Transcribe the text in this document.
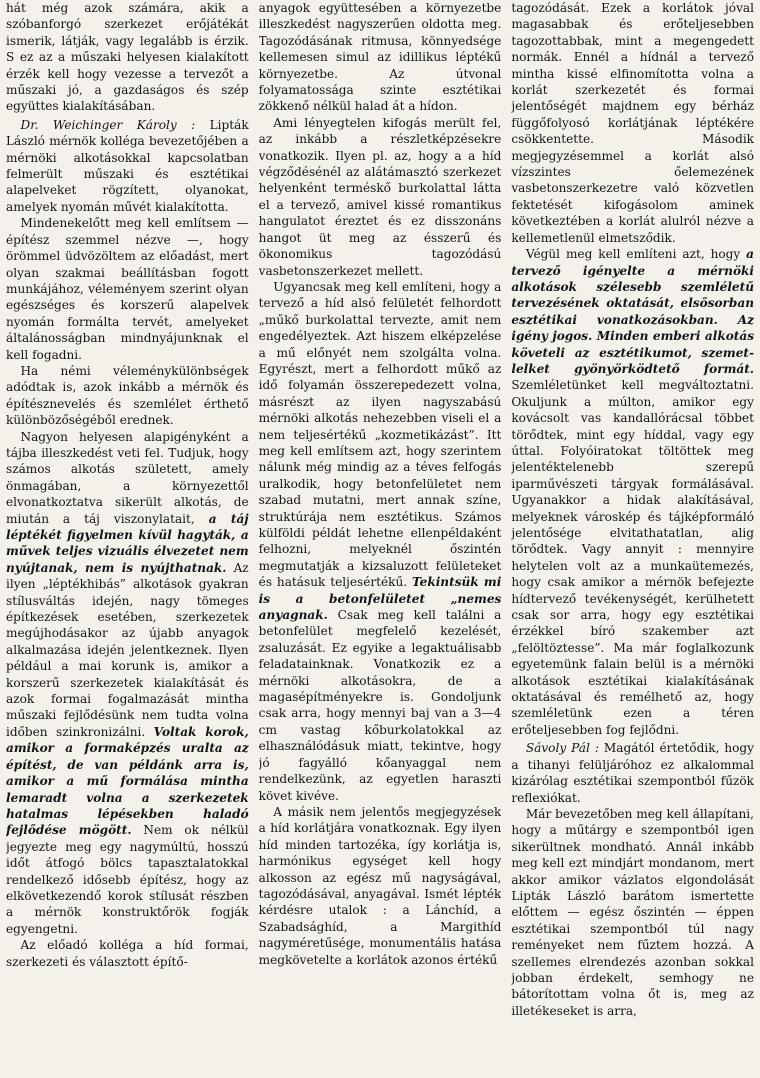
hát még azok számára, akik a szóbanforgó szerkezet erőjátékát ismerik, látják, vagy legalább is érzik. S ez az a műszaki helyesen kialakított érzék kell hogy vezesse a tervezőt a műszaki jó, a gazdaságos és szép együttes kialakításában.

Dr. Weichinger Károly : Lipták László mérnök kolléga bevezetőjében a mérnöki alkotásokkal kapcsolatban felmerült műszaki és esztétikai alapelveket rögzített, olyanokat, amelyek nyomán művét kialakította.

Mindenekelőtt meg kell említsem — építész szemmel nézve —, hogy örömmel üdvözöltem az előadást, mert olyan szakmai beállításban fogott munkájához, véleményem szerint olyan egészséges és korszerű alapelvek nyomán formálta tervét, amelyeket általánosságban mindnyájunknak el kell fogadni.

Ha némi véleménykülönbségek adódtak is, azok inkább a mérnök és építésznevelés és szemlélet érthető különbözőségéből erednek.

Nagyon helyesen alapigényként a tájba illeszkedést veti fel. Tudjuk, hogy számos alkotás született, amely önmagában, a környezettől elvonatkoztatva sikerült alkotás, de miután a táj viszonylatait, a táj léptékét figyelmen kívül hagyták, a művek teljes vizuális élvezetet nem nyújtanak, nem is nyújthatnak. Az ilyen „léptékhibás” alkotások gyakran stílusváltás idején, nagy tömeges építkezések esetében, szerkezetek megújhodásakor az újabb anyagok alkalmazása idején jelentkeznek. Ilyen például a mai korunk is, amikor a korszerű szerkezetek kialakítását és azok formai fogalmazását mintha műszaki fejlődésünk nem tudta volna időben szinkronizálni. Voltak korok, amikor a formaképzés uralta az építést, de van példánk arra is, amikor a mű formálása mintha lemaradt volna a szerkezetek hatalmas lépésekben haladó fejlődése mögött. Nem ok nélkül jegyezte meg egy nagymúltú, hosszú időt átfogó bölcs tapasztalatokkal rendelkező idősebb építész, hogy az elkövetkezendő korok stílusát részben a mérnök konstruktőrök fogják egyengetni.

Az előadó kolléga a híd formai, szerkezeti és választott építő-

anyagok együttesében a környezetbe illeszkedést nagyszerűen oldotta meg. Tagozódásának ritmusa, könnyedsége kellemesen simul az idillikus léptékű környezetbe. Az útvonal folyamatossága szinte esztétikai zökkenő nélkül halad át a hídon.

Ami lényegtelen kifogás merült fel, az inkább a részletképzésekre vonatkozik. Ilyen pl. az, hogy a a híd végződésénél az alátámasztó szerkezet helyenként terméskő burkolattal látta el a tervező, amivel kissé romantikus hangulatot éreztet és ez disszonáns hangot üt meg az ésszerű és ökonomikus tagozódású vasbetonszerkezet mellett.

Ugyancsak meg kell említeni, hogy a tervező a híd alsó felületét felhordott „műkő burkolattal tervezte, amit nem engedélyeztek. Azt hiszem elképzelése a mű előnyét nem szolgálta volna. Egyrészt, mert a felhordott műkő az idő folyamán összerepedezett volna, másrészt az ilyen nagyszabású mérnöki alkotás nehezebben viseli el a nem teljesértékű „kozmetikázást”. Itt meg kell említsem azt, hogy szerintem nálunk még mindig az a téves felfogás uralkodik, hogy betonfelületet nem szabad mutatni, mert annak színe, struktúrája nem esztétikus. Számos külföldi példát lehetne ellenpéldaként felhozni, melyeknél őszintén megmutatják a kizsaluzott felületeket és hatásuk teljesértékű. Tekintsük mi is a betonfelületet „nemes anyagnak. Csak meg kell találni a betonfelület megfelelő kezelését, zsaluzását. Ez egyike a legaktuálisabb feladatainknak. Vonatkozik ez a mérnöki alkotásokra, de a magasépítményekre is. Gondoljunk csak arra, hogy mennyi baj van a 3—4 cm vastag kőburkolatokkal az elhasználódásuk miatt, tekintve, hogy jó fagyálló kőanyaggal nem rendelkezünk, az egyetlen haraszti követ kivéve.

A másik nem jelentős megjegyzések a híd korlátjára vonatkoznak. Egy ilyen híd minden tartozéka, így korlátja is, harmónikus egységet kell hogy alkosson az egész mű nagyságával, tagozódásával, anyagával. Ismét lépték kérdésre utalok : a Lánchíd, a Szabadsághíd, a Margithíd nagyméretűsége, monumentális hatása megkövetelte a korlátok azonos értékű

tagozódását. Ezek a korlátok jóval magasabbak és erőteljesebben tagozottabbak, mint a megengedett normák. Ennél a hídnál a tervező mintha kissé elfinomította volna a korlát szerkezetét és formai jelentőségét majdnem egy bérház függőfolyosó korlátjának léptékére csökkentette. Második megjegyzésemmel a korlát alsó vízszintes őelemezének vasbetonszerkezetre való közvetlen fektetését kifogásolom aminek következtében a korlát alulról nézve a kellemetlenül elmetsződik.

Végül meg kell említeni azt, hogy a tervező igényelte a mérnöki alkotások szélesebb szemléletű tervezésének oktatását, elsősorban esztétikai vonatkozásokban. Az igény jogos. Minden emberi alkotás követeli az esztétikumot, szemet-lelket gyönyörködtető formát. Szemléletünket kell megváltoztatni. Okuljunk a múlton, amikor egy kovácsolt vas kandallórácsal többet törődtek, mint egy híddal, vagy egy úttal. Folyóiratokat töltöttek meg jelentéktelenebb szerepű iparművészeti tárgyak formálásával. Ugyanakkor a hidak alakításával, melyeknek városkép és tájképformáló jelentősége elvitathatatlan, alig törődtek. Vagy annyit : mennyire helytelen volt az a munkaütemezés, hogy csak amikor a mérnök befejezte hídtervező tevékenységét, kerülhetett csak sor arra, hogy egy esztétikai érzékkel bíró szakember azt „felöltöztesse”. Ma már foglalkozunk egyetemünk falain belül is a mérnöki alkotások esztétikai kialakításának oktatásával és remélhető az, hogy szemléletünk ezen a téren erőteljesebben fog fejlődni.

Sávoly Pál : Magától értetődik, hogy a tihanyi felüljáróhoz ez alkalommal kizárólag esztétikai szempontból fűzök reflexiókat.

Már bevezetőben meg kell állapítani, hogy a műtárgy e szempontból igen sikerültnek mondható. Annál inkább meg kell ezt mindjárt mondanom, mert akkor amikor vázlatos elgondolását Lipták László barátom ismertette előttem — egész őszintén — éppen esztétikai szempontból túl nagy reményeket nem fűztem hozzá. A szellemes elrendezés azonban sokkal jobban érdekelt, semhogy ne bátorítottam volna őt is, meg az illetékeseket is arra,
